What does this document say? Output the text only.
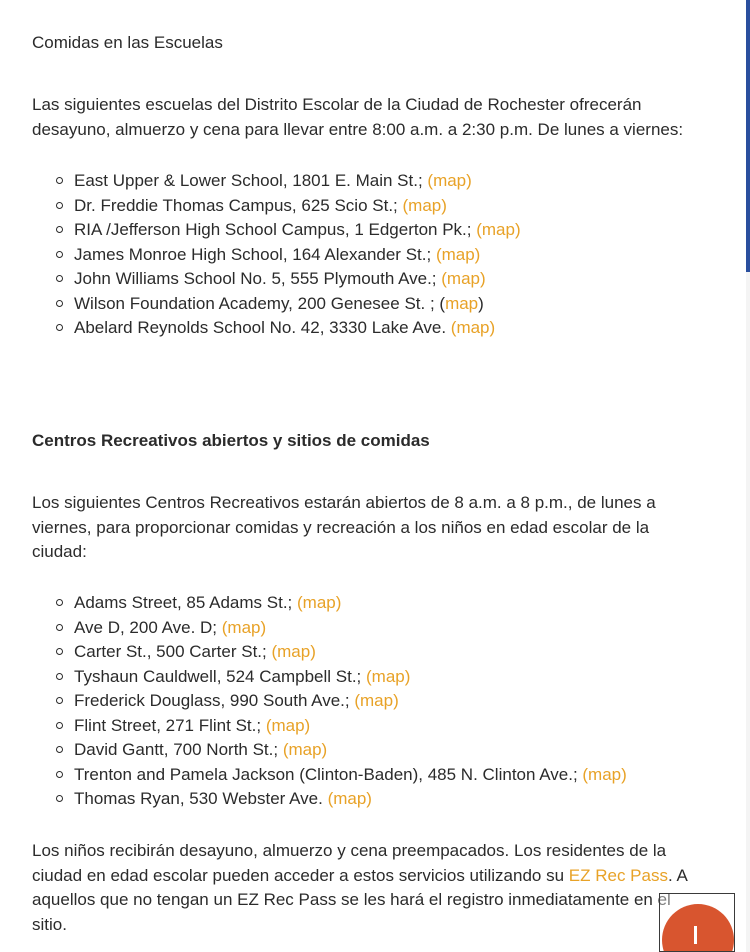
Comidas en las Escuelas

Las siguientes escuelas del Distrito Escolar de la Ciudad de Rochester ofrecerán

desayuno, almuerzo y cena para llevar entre 8:00 a.m. a 2:30 p.m. De lunes a viernes:

East Upper & Lower School, 1801 E. Main St.; (map)
Dr. Freddie Thomas Campus, 625 Scio St.; (map)
RIA /Jefferson High School Campus, 1 Edgerton Pk.; (map)
James Monroe High School, 164 Alexander St.; (map)
John Williams School No. 5, 555 Plymouth Ave.; (map)
Wilson Foundation Academy, 200 Genesee St. ; (map)
Abelard Reynolds School No. 42, 3330 Lake Ave. (map)

Centros Recreativos abiertos y sitios de comidas

Los siguientes Centros Recreativos estarán abiertos de 8 a.m. a 8 p.m., de lunes a

viernes, para proporcionar comidas y recreación a los niños en edad escolar de la

ciudad:

Adams Street, 85 Adams St.; (map)
Ave D, 200 Ave. D; (map)
Carter St., 500 Carter St.; (map)
Tyshaun Cauldwell, 524 Campbell St.; (map)
Frederick Douglass, 990 South Ave.; (map)
Flint Street, 271 Flint St.; (map)
David Gantt, 700 North St.; (map)
Trenton and Pamela Jackson (Clinton-Baden), 485 N. Clinton Ave.; (map)
Thomas Ryan, 530 Webster Ave. (map)

Los niños recibirán desayuno, almuerzo y cena preempacados. Los residentes de la

ciudad en edad escolar pueden acceder a estos servicios utilizando su EZ Rec Pass. A

aquellos que no tengan un EZ Rec Pass se les hará el registro inmediatamente en el

sitio.
